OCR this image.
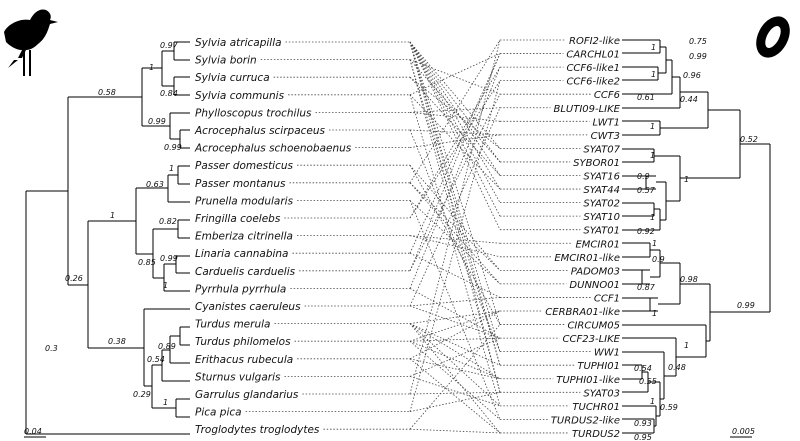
Sylvia atricapilla
Sylvia borin
Sylvia curruca
Sylvia communis
Phylloscopus trochilus
Acrocephalus scirpaceus
Acrocephalus schoenobaenus
Passer domesticus
Passer montanus
Prunella modularis
Fringilla coelebs
Emberiza citrinella
Linaria cannabina
Carduelis carduelis
Pyrrhula pyrrhula
Cyanistes caeruleus
Turdus merula
Turdus philomelos
Erithacus rubecula
Sturnus vulgaris
Garrulus glandarius
Pica pica
Troglodytes troglodytes
ROFI2-like
CARCHL01
CCF6-like1
CCF6-like2
CCF6
BLUTI09-LIKE
LWT1
CWT3
SYAT07
SYBOR01
SYAT16
SYAT44
SYAT02
SYAT10
SYAT01
EMCIR01
EMCIR01-like
PADOM03
DUNNO01
CCF1
CERBRA01-like
CIRCUM05
CCF23-LIKE
WW1
TUPHI01
TUPHI01-like
SYAT03
TUCHR01
TURDUS2-like
TURDUS2
0.97
0.84
1
0.99
0.99
0.58
1
0.63
0.82
0.99
0.85
1
1
0.89
0.54
1
0.29
0.38
0.26
0.3
0.75
1
0.99
1	0.96
0.61
1
0.44
1
0.9
0.57
1
0.92
1
0.52
1
0.9
0.87
1
0.98
0.54
0.55
1
0.93
0.95
0.59
0.48
1
0.99
0.04	0.005
